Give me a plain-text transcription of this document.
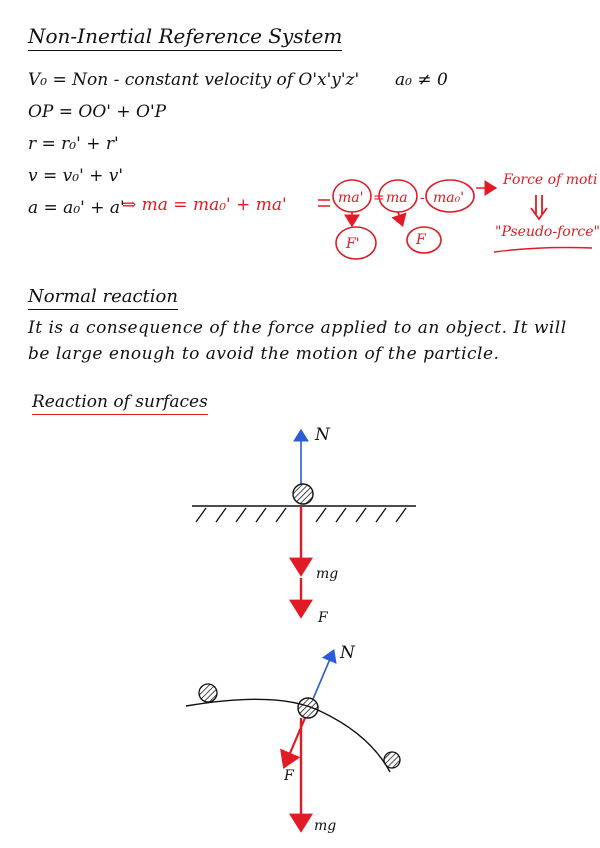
Non-Inertial Reference System
V₀ = Non - constant velocity of O'x'y'z' a₀ ≠ 0
OP = OO' + O'P
r = r₀' + r'
v = v₀' + v'
a = a₀' + a'
⇒ ma = ma₀' + ma'	ma' = ma - ma₀'
Force of moti
"Pseudo-force"
F'	F
Normal reaction
It is a consequence of the force applied to an object. It will
be large enough to avoid the motion of the particle.
Reaction of surfaces
N
mg
F
N
F
mg
